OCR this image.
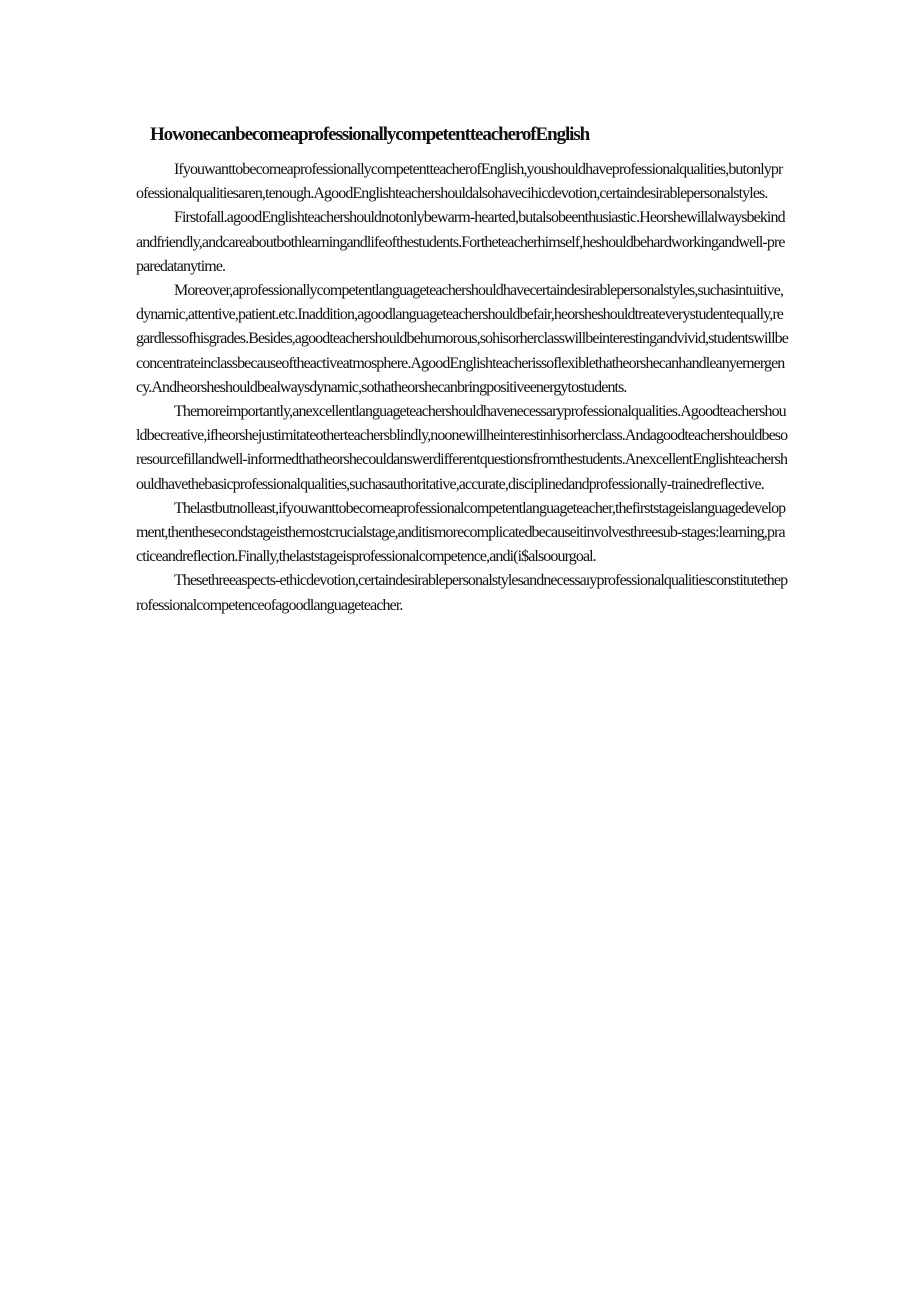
HowonecanbecomeaprofessionallycompetentteacherofEnglish

IfyouwanttobecomeaprofessionallycompetentteacherofEnglish,youshouldhaveprofessionalqualities,butonlyprofessionalqualitiesaren,tenough.AgoodEnglishteachershouldalsohavecihicdevotion,certaindesirablepersonalstyles.

Firstofall.agoodEnglishteachershouldnotonlybewarm-hearted,butalsobeenthusiastic.Heorshewillalwaysbekindandfriendly,andcareaboutbothlearningandlifeofthestudents.Fortheteacherhimself,heshouldbehardworkingandwell-preparedatanytime.

Moreover,aprofessionallycompetentlanguageteachershouldhavecertaindesirablepersonalstyles,suchasintuitive,dynamic,attentive,patient.etc.Inaddition,agoodlanguageteachershouldbefair,heorsheshouldtreateverystudentequally,regardlessofhisgrades.Besides,agoodteachershouldbehumorous,sohisorherclasswillbeinterestingandvivid,studentswillbeconcentrateinclassbecauseoftheactiveatmosphere.AgoodEnglishteacherissoflexiblethatheorshecanhandleanyemergency.Andheorsheshouldbealwaysdynamic,sothatheorshecanbringpositiveenergytostudents.

Themoreimportantly,anexcellentlanguageteachershouldhavenecessaryprofessionalqualities.Agoodteachershouldbecreative,ifheorshejustimitateotherteachersblindly,noonewillheinterestinhisorherclass.Andagoodteachershouldbesoresourcefillandwell-informedthatheorshecouldanswerdifferentquestionsfromthestudents.AnexcellentEnglishteachershouldhavethebasicprofessionalqualities,suchasauthoritative,accurate,disciplinedandprofessionally-trainedreflective.

Thelastbutnolleast,ifyouwanttobecomeaprofessionalcompetentlanguageteacher,thefirststageislanguagedevelopment,thenthesecondstageisthemostcrucialstage,anditismorecomplicatedbecauseitinvolvesthreesub-stages:learning,practiceandreflection.Finally,thelaststageisprofessionalcompetence,andi(i$alsoourgoal.

Thesethreeaspects-ethicdevotion,certaindesirablepersonalstylesandnecessaıyprofessionalqualitiesconstitutetheprofessionalcompetenceofagoodlanguageteacher.
